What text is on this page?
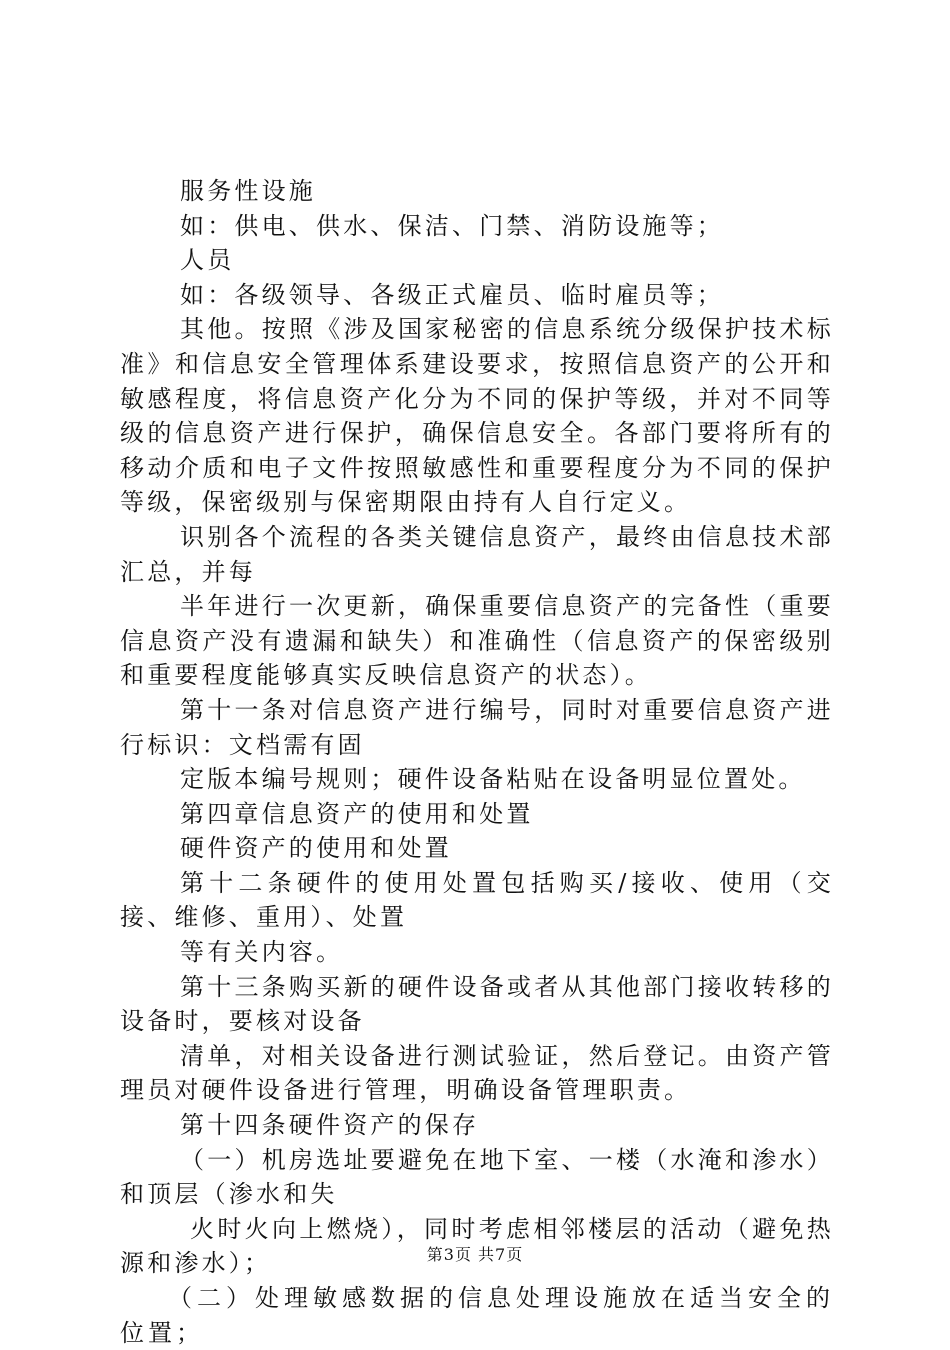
服务性设施

如：供电、供水、保洁、门禁、消防设施等；

人员

如：各级领导、各级正式雇员、临时雇员等；

其他。按照《涉及国家秘密的信息系统分级保护技术标准》和信息安全管理体系建设要求，按照信息资产的公开和敏感程度，将信息资产化分为不同的保护等级，并对不同等级的信息资产进行保护，确保信息安全。各部门要将所有的移动介质和电子文件按照敏感性和重要程度分为不同的保护等级，保密级别与保密期限由持有人自行定义。

识别各个流程的各类关键信息资产，最终由信息技术部汇总，并每

半年进行一次更新，确保重要信息资产的完备性（重要信息资产没有遗漏和缺失）和准确性（信息资产的保密级别和重要程度能够真实反映信息资产的状态）。

第十一条对信息资产进行编号，同时对重要信息资产进行标识：文档需有固

定版本编号规则；硬件设备粘贴在设备明显位置处。

第四章信息资产的使用和处置

硬件资产的使用和处置

第十二条硬件的使用处置包括购买/接收、使用（交接、维修、重用）、处置

等有关内容。

第十三条购买新的硬件设备或者从其他部门接收转移的设备时，要核对设备

清单，对相关设备进行测试验证，然后登记。由资产管理员对硬件设备进行管理，明确设备管理职责。

第十四条硬件资产的保存

（一）机房选址要避免在地下室、一楼（水淹和渗水）和顶层（渗水和失

火时火向上燃烧），同时考虑相邻楼层的活动（避免热源和渗水）；

（二）处理敏感数据的信息处理设施放在适当安全的位置；

第3页 共7页
